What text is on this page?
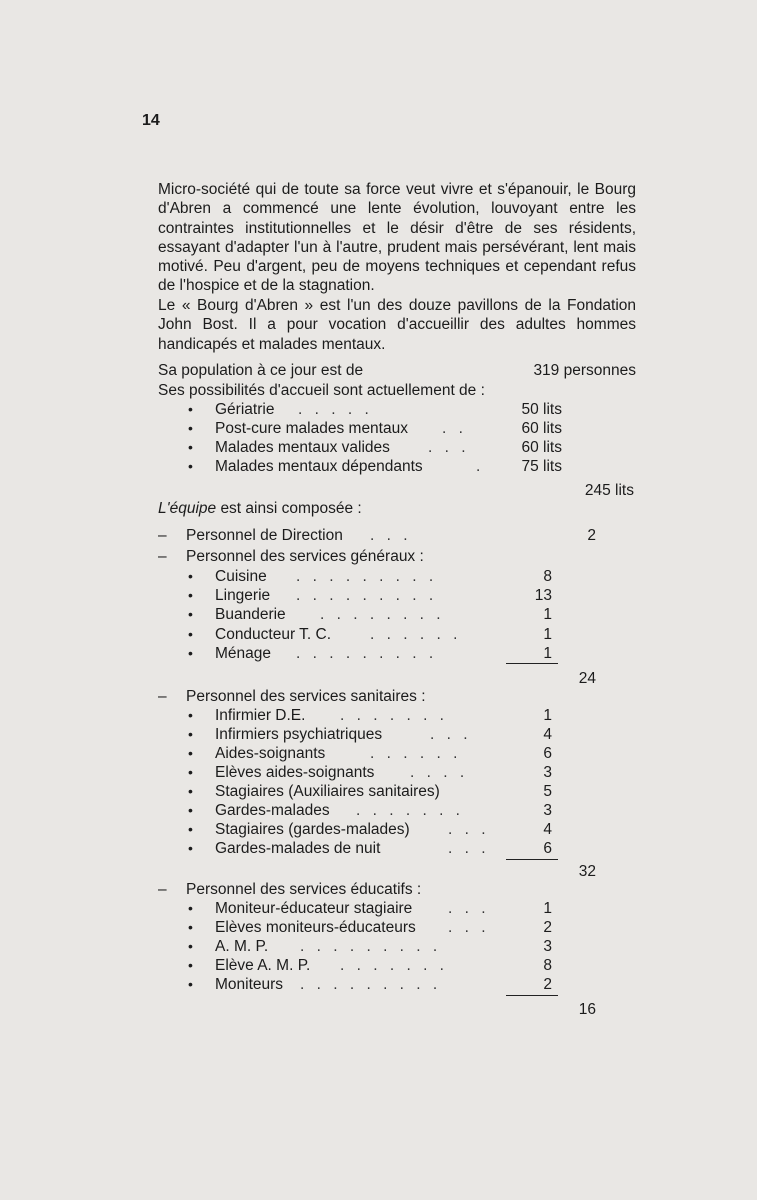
14
Micro-société qui de toute sa force veut vivre et s'épanouir, le Bourg d'Abren a commencé une lente évolution, louvoyant entre les contraintes institutionnelles et le désir d'être de ses résidents, essayant d'adapter l'un à l'autre, prudent mais persévérant, lent mais motivé. Peu d'argent, peu de moyens techniques et cependant refus de l'hospice et de la stagnation.
Le « Bourg d'Abren » est l'un des douze pavillons de la Fondation John Bost. Il a pour vocation d'accueillir des adultes hommes handicapés et malades mentaux.
Sa population à ce jour est de	319 personnes
Ses possibilités d'accueil sont actuellement de :
• Gériatrie . . . . .	50 lits
• Post-cure malades mentaux . .	60 lits
• Malades mentaux valides . . .	60 lits
• Malades mentaux dépendants	.	75 lits
245 lits
L'équipe est ainsi composée :
– Personnel de Direction . . .	2
– Personnel des services généraux :
• Cuisine . . . . . . . . .	8
• Lingerie . . . . . . . . .	13
• Buanderie . . . . . . . .	1
• Conducteur T. C.	. . . . . .	1
• Ménage . . . . . . . . .	1
24
– Personnel des services sanitaires :
• Infirmier D.E. . . . . . . .	1
• Infirmiers psychiatriques	. . .	4
• Aides-soignants	. . . . . .	6
• Elèves aides-soignants . . . .	3
• Stagiaires (Auxiliaires sanitaires)	5
• Gardes-malades . . . . . . .	3
• Stagiaires (gardes-malades) . . .	4
• Gardes-malades de nuit	. . .	6
32
– Personnel des services éducatifs :
• Moniteur-éducateur stagiaire . . .	1
• Elèves moniteurs-éducateurs . . .	2
• A. M. P. . . . . . . . . .	3
• Elève A. M. P. . . . . . . .	8
• Moniteurs . . . . . . . . .	2
16
